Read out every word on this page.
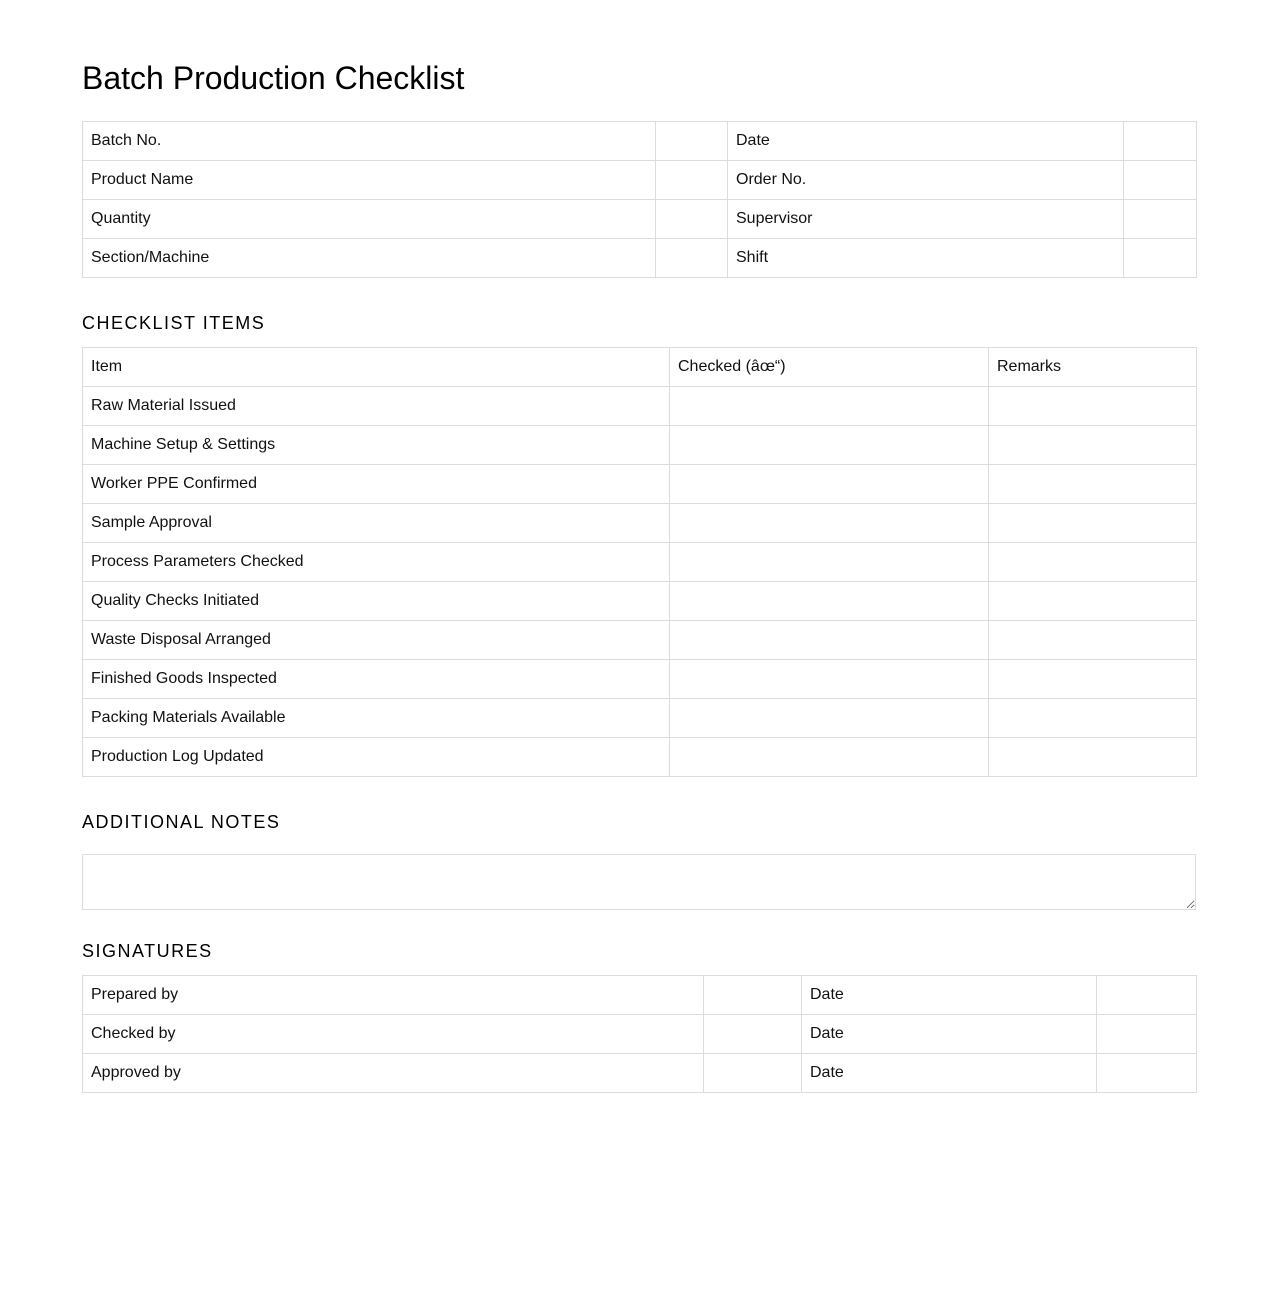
Batch Production Checklist
Batch No.		Date	
Product Name		Order No.	
Quantity		Supervisor	
Section/Machine		Shift	
CHECKLIST ITEMS
Item	Checked (âœ“)	Remarks
Raw Material Issued		
Machine Setup & Settings		
Worker PPE Confirmed		
Sample Approval		
Process Parameters Checked		
Quality Checks Initiated		
Waste Disposal Arranged		
Finished Goods Inspected		
Packing Materials Available		
Production Log Updated		
ADDITIONAL NOTES
SIGNATURES
Prepared by		Date	
Checked by		Date	
Approved by		Date	
